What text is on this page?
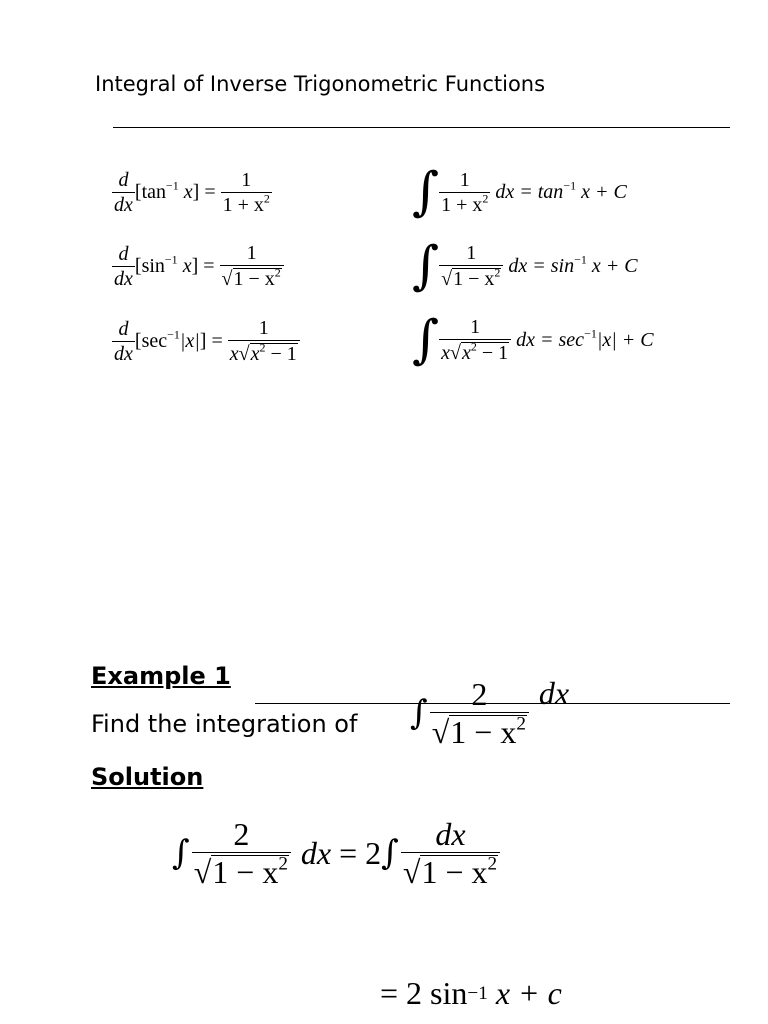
Integral of Inverse Trigonometric Functions
$\frac{d}{dx} [\tan^{-1}$ $x] = \frac{1}{1 + x^2}$
$\frac{d}{dx} [\sin^{-1}$ $x] = \frac{1}{√ 1 - x^2}$
$\frac{d}{dx} [\sec^{-1}|x|] = \frac{1}{x √ x^2 - 1}$
∫ $\frac{1}{1 + x^2}$ dx = $\tan^{-1} x + C$
∫ $\frac{1}{√ 1 - x^2}$ dx = $\sin^{-1} x + C$
∫ $\frac{1}{x √ x^2 - 1}$ dx = $\sec^{-1}|x| + C$
Example 1
Find the integration of ∫ $\frac{2}{√ 1 - x^2}$ dx
Solution
∫ $\frac{2}{√ 1 - x^2}$ dx = 2 ∫ $\frac{dx}{√ 1 - x^2}$
= 2 sin −1
x + c
